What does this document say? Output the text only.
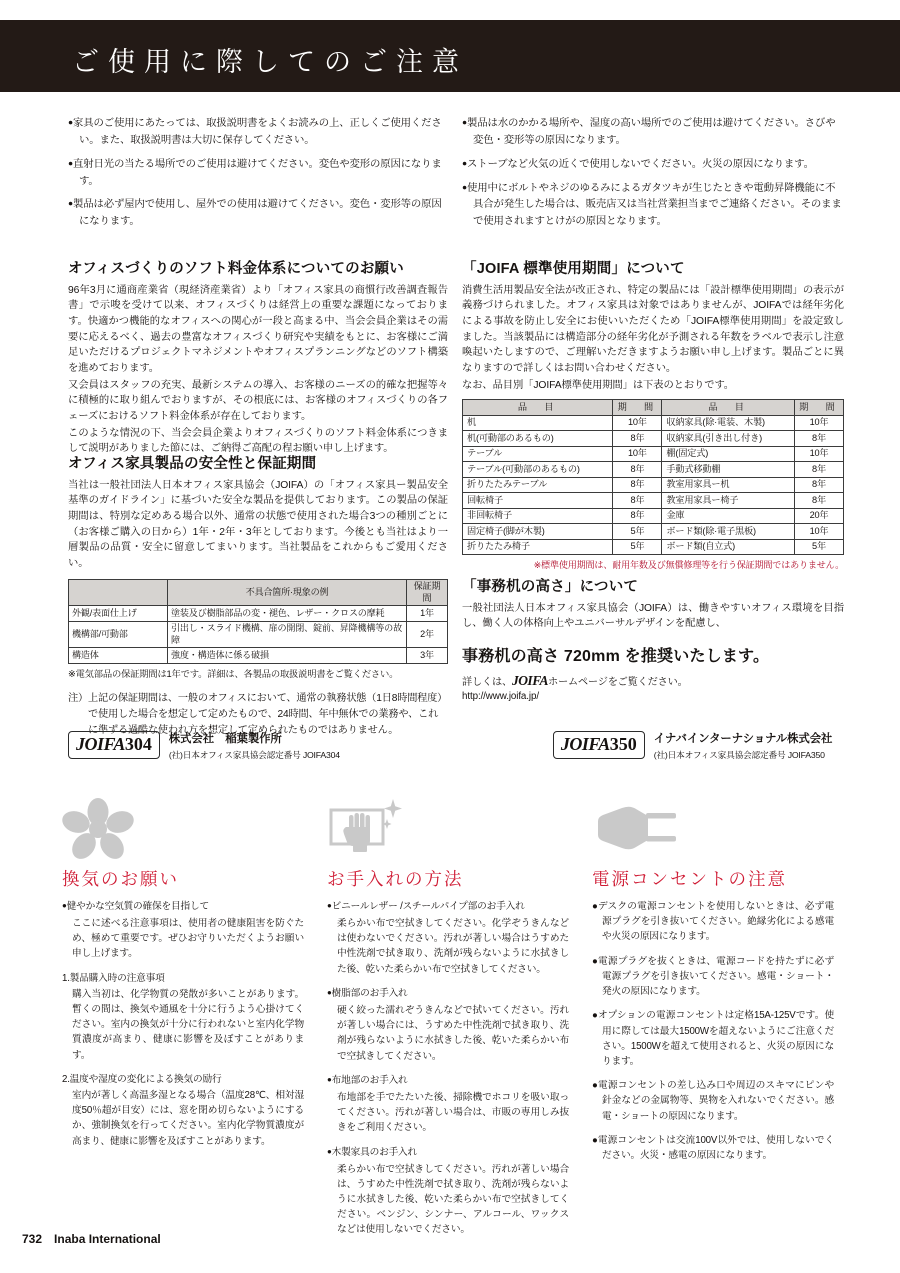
ご使用に際してのご注意
●家具のご使用にあたっては、取扱説明書をよくお読みの上、正しくご使用ください。また、取扱説明書は大切に保存してください。
●直射日光の当たる場所でのご使用は避けてください。変色や変形の原因になります。
●製品は必ず屋内で使用し、屋外での使用は避けてください。変色・変形等の原因になります。
●製品は水のかかる場所や、湿度の高い場所でのご使用は避けてください。さびや変色・変形等の原因になります。
●ストーブなど火気の近くで使用しないでください。火災の原因になります。
●使用中にボルトやネジのゆるみによるガタツキが生じたときや電動昇降機能に不具合が発生した場合は、販売店又は当社営業担当までご連絡ください。そのままで使用されますとけがの原因となります。
オフィスづくりのソフト料金体系についてのお願い

96年3月に通商産業省（現経済産業省）より「オフィス家具の商慣行改善調査報告書」で示唆を受けて以来、オフィスづくりは経営上の重要な課題になっております。快適かつ機能的なオフィスへの関心が一段と高まる中、当会会員企業はその需要に応えるべく、過去の豊富なオフィスづくり研究や実績をもとに、お客様にご満足いただけるプロジェクトマネジメントやオフィスプランニングなどのソフト構築を進めております。

又会員はスタッフの充実、最新システムの導入、お客様のニーズの的確な把握等々に積極的に取り組んでおりますが、その根底には、お客様のオフィスづくりの各フェーズにおけるソフト料金体系が存在しております。

このような情況の下、当会会員企業よりオフィスづくりのソフト料金体系につきまして説明がありました節には、ご納得ご高配の程お願い申し上げます。

オフィス家具製品の安全性と保証期間

当社は一般社団法人日本オフィス家具協会（JOIFA）の「オフィス家具ー製品安全基準のガイドライン」に基づいた安全な製品を提供しております。この製品の保証期間は、特別な定めある場合以外、通常の状態で使用された場合3つの種別ごとに（お客様ご購入の日から）1年・2年・3年としております。今後とも当社はより一層製品の品質・安全に留意してまいります。当社製品をこれからもご愛用ください。

	不具合箇所·現象の例	保証期間
外観/表面仕上げ	塗装及び樹脂部品の変・褪色、レザー・クロスの摩耗	1年
機構部/可動部	引出し・スライド機構、扉の開閉、錠前、昇降機構等の故障	2年
構造体	強度・構造体に係る破損	3年
※電気部品の保証期間は1年です。詳細は、各製品の取扱説明書をご覧ください。
注）上記の保証期間は、一般のオフィスにおいて、通常の執務状態（1日8時間程度）で使用した場合を想定して定めたもので、24時間、年中無休での業務や、これに準ずる過酷な使われ方を想定して定められたものではありません。
「JOIFA 標準使用期間」について

消費生活用製品安全法が改正され、特定の製品には「設計標準使用期間」の表示が義務づけられました。オフィス家具は対象ではありませんが、JOIFAでは経年劣化による事故を防止し安全にお使いいただくため「JOIFA標準使用期間」を設定致しました。当該製品には構造部分の経年劣化が予測される年数をラベルで表示し注意喚起いたしますので、ご理解いただきますようお願い申し上げます。製品ごとに異なりますので詳しくはお問い合わせください。

なお、品目別「JOIFA標準使用期間」は下表のとおりです。

品　目	期　間	品　目	期　間
机	10年	収納家具(除·電装、木製)	10年
机(可動部のあるもの)	8年	収納家具(引き出し付き)	8年
テーブル	10年	棚(固定式)	10年
テーブル(可動部のあるもの)	8年	手動式移動棚	8年
折りたたみテーブル	8年	教室用家具ー机	8年
回転椅子	8年	教室用家具ー椅子	8年
非回転椅子	8年	金庫	20年
固定椅子(脚が木製)	5年	ボード類(除·電子黒板)	10年
折りたたみ椅子	5年	ボード類(自立式)	5年
※標準使用期間は、耐用年数及び無償修理等を行う保証期間ではありません。
「事務机の高さ」について

一般社団法人日本オフィス家具協会（JOIFA）は、働きやすいオフィス環境を目指し、働く人の体格向上やユニバーサルデザインを配慮し、

事務机の高さ 720mm を推奨いたします。
詳しくは、JOIFAホームページをご覧ください。
http://www.joifa.jp/
JOIFA304	株式会社　稲葉製作所
(社)日本オフィス家具協会認定番号 JOIFA304
JOIFA350	イナバインターナショナル株式会社
(社)日本オフィス家具協会認定番号 JOIFA350
換気のお願い
●健やかな空気質の確保を目指して
ここに述べる注意事項は、使用者の健康阻害を防ぐため、極めて重要です。ぜひお守りいただくようお願い申し上げます。
1.製品購入時の注意事項
購入当初は、化学物質の発散が多いことがあります。暫くの間は、換気や通風を十分に行うよう心掛けてください。室内の換気が十分に行われないと室内化学物質濃度が高まり、健康に影響を及ぼすことがあります。
2.温度や湿度の変化による換気の励行
室内が著しく高温多湿となる場合（温度28℃、相対湿度50％超が目安）には、窓を閉め切らないようにするか、強制換気を行ってください。室内化学物質濃度が高まり、健康に影響を及ぼすことがあります。
お手入れの方法
●ビニールレザー /スチールパイプ部のお手入れ
柔らかい布で空拭きしてください。化学ぞうきんなどは使わないでください。汚れが著しい場合はうすめた中性洗剤で拭き取り、洗剤が残らないように水拭きした後、乾いた柔らかい布で空拭きしてください。
●樹脂部のお手入れ
硬く絞った濡れぞうきんなどで拭いてください。汚れが著しい場合には、うすめた中性洗剤で拭き取り、洗剤が残らないように水拭きした後、乾いた柔らかい布で空拭きしてください。
●布地部のお手入れ
布地部を手でたたいた後、掃除機でホコリを吸い取ってください。汚れが著しい場合は、市販の専用しみ抜きをご利用ください。
●木製家具のお手入れ
柔らかい布で空拭きしてください。汚れが著しい場合は、うすめた中性洗剤で拭き取り、洗剤が残らないように水拭きした後、乾いた柔らかい布で空拭きしてください。ベンジン、シンナー、アルコール、ワックスなどは使用しないでください。
電源コンセントの注意
●デスクの電源コンセントを使用しないときは、必ず電源プラグを引き抜いてください。絶縁劣化による感電や火災の原因になります。
●電源プラグを抜くときは、電源コードを持たずに必ず電源プラグを引き抜いてください。感電・ショート・発火の原因になります。
●オプションの電源コンセントは定格15A-125Vです。使用に際しては最大1500Wを超えないようにご注意ください。1500Wを超えて使用されると、火災の原因になります。
●電源コンセントの差し込み口や周辺のスキマにピンや針金などの金属物等、異物を入れないでください。感電・ショートの原因になります。
●電源コンセントは交流100V以外では、使用しないでください。火災・感電の原因になります。
732 Inaba International
